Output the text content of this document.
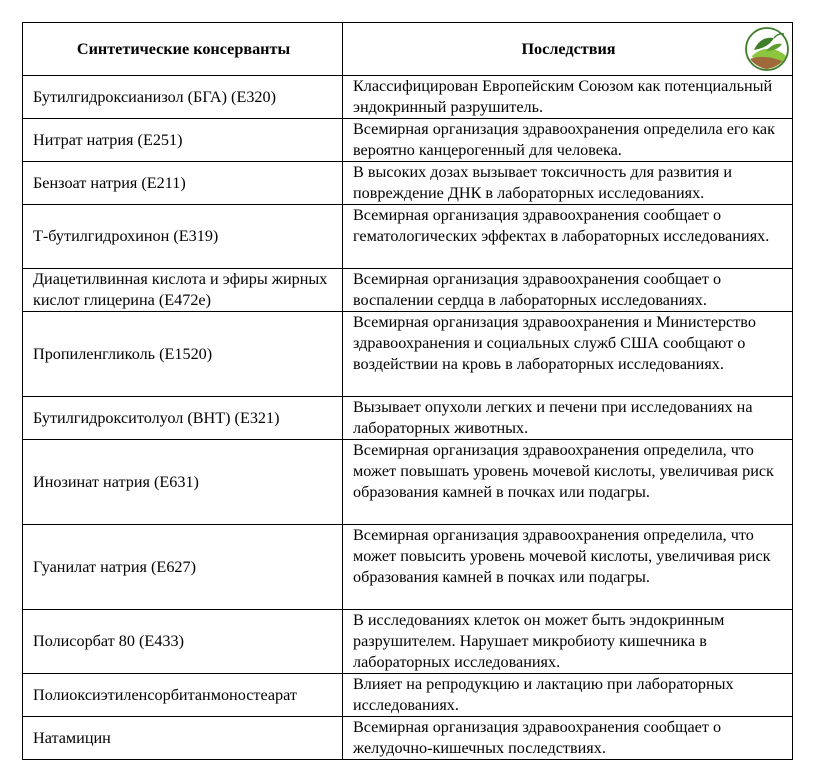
Синтетические консерванты	Последствия

Бутилгидроксианизол (БГА) (E320)	Классифицирован Европейским Союзом как потенциальный эндокринный разрушитель.
Нитрат натрия (E251)	Всемирная организация здравоохранения определила его как вероятно канцерогенный для человека.
Бензоат натрия (E211)	В высоких дозах вызывает токсичность для развития и повреждение ДНК в лабораторных исследованиях.
Т-бутилгидрохинон (E319)	Всемирная организация здравоохранения сообщает о гематологических эффектах в лабораторных исследованиях.
Диацетилвинная кислота и эфиры жирных кислот глицерина (E472e)	Всемирная организация здравоохранения сообщает о воспалении сердца в лабораторных исследованиях.
Пропиленгликоль (E1520)	Всемирная организация здравоохранения и Министерство здравоохранения и социальных служб США сообщают о воздействии на кровь в лабораторных исследованиях.
Бутилгидрокситолуол (BHT) (E321)	Вызывает опухоли легких и печени при исследованиях на лабораторных животных.
Инозинат натрия (E631)	Всемирная организация здравоохранения определила, что может повышать уровень мочевой кислоты, увеличивая риск образования камней в почках или подагры.
Гуанилат натрия (E627)	Всемирная организация здравоохранения определила, что может повысить уровень мочевой кислоты, увеличивая риск образования камней в почках или подагры.
Полисорбат 80 (E433)	В исследованиях клеток он может быть эндокринным разрушителем. Нарушает микробиоту кишечника в лабораторных исследованиях.
Полиоксиэтиленсорбитанмоностеарат	Влияет на репродукцию и лактацию при лабораторных исследованиях.
Натамицин	Всемирная организация здравоохранения сообщает о желудочно-кишечных последствиях.
